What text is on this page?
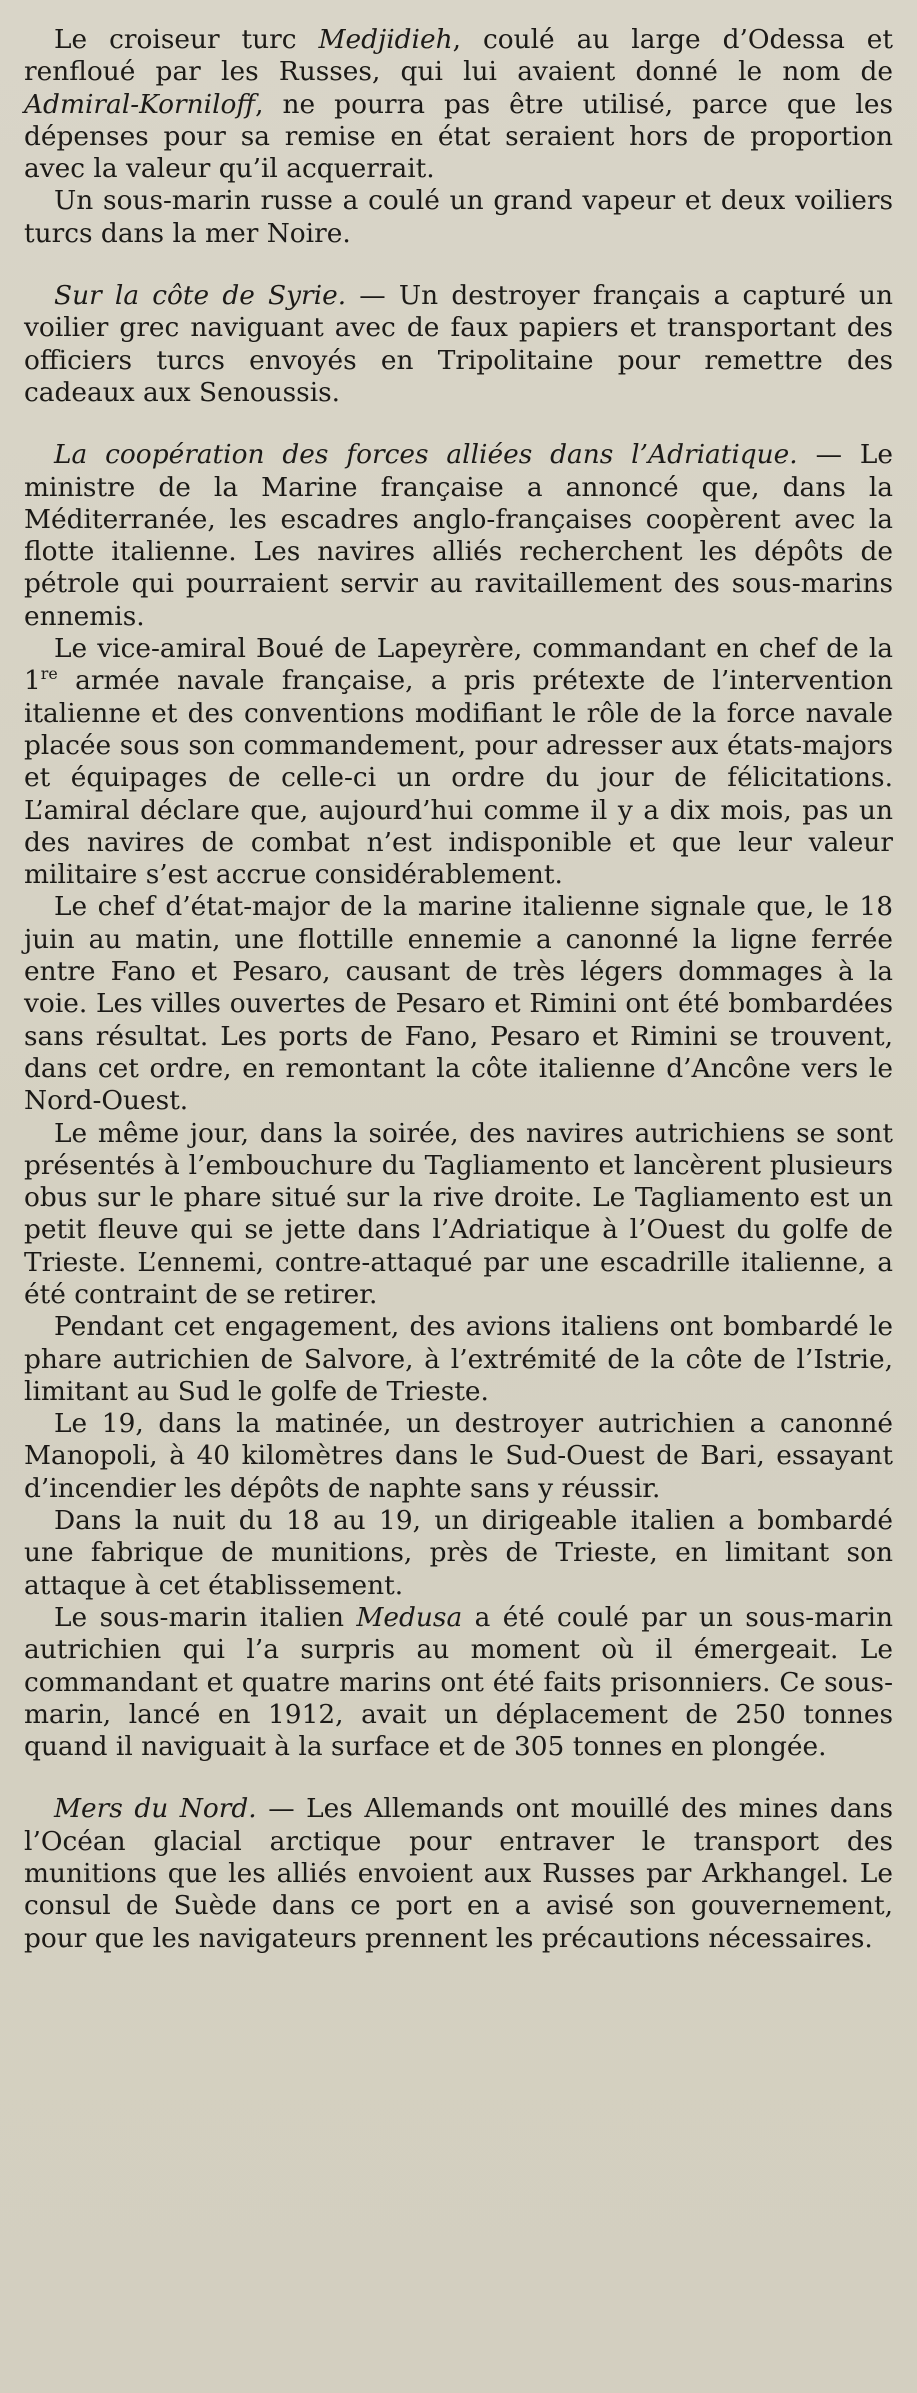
Le croiseur turc Medjidieh, coulé au large d’Odessa et renfloué par les Russes, qui lui avaient donné le nom de Admiral-Korniloff, ne pourra pas être utilisé, parce que les dépenses pour sa remise en état seraient hors de proportion avec la valeur qu’il acquerrait.

Un sous-marin russe a coulé un grand vapeur et deux voiliers turcs dans la mer Noire.

Sur la côte de Syrie. — Un destroyer français a capturé un voilier grec naviguant avec de faux papiers et transportant des officiers turcs envoyés en Tripolitaine pour remettre des cadeaux aux Senoussis.

La coopération des forces alliées dans l’Adriatique. — Le ministre de la Marine française a annoncé que, dans la Méditerranée, les escadres anglo-françaises coopèrent avec la flotte italienne. Les navires alliés recherchent les dépôts de pétrole qui pourraient servir au ravitaillement des sous-marins ennemis.

Le vice-amiral Boué de Lapeyrère, commandant en chef de la 1re armée navale française, a pris prétexte de l’intervention italienne et des conventions modifiant le rôle de la force navale placée sous son commandement, pour adresser aux états-majors et équipages de celle-ci un ordre du jour de félicitations. L’amiral déclare que, aujourd’hui comme il y a dix mois, pas un des navires de combat n’est indisponible et que leur valeur militaire s’est accrue considérablement.

Le chef d’état-major de la marine italienne signale que, le 18 juin au matin, une flottille ennemie a canonné la ligne ferrée entre Fano et Pesaro, causant de très légers dommages à la voie. Les villes ouvertes de Pesaro et Rimini ont été bombardées sans résultat. Les ports de Fano, Pesaro et Rimini se trouvent, dans cet ordre, en remontant la côte italienne d’Ancône vers le Nord-Ouest.

Le même jour, dans la soirée, des navires autrichiens se sont présentés à l’embouchure du Tagliamento et lancèrent plusieurs obus sur le phare situé sur la rive droite. Le Tagliamento est un petit fleuve qui se jette dans l’Adriatique à l’Ouest du golfe de Trieste. L’ennemi, contre-attaqué par une escadrille italienne, a été contraint de se retirer.

Pendant cet engagement, des avions italiens ont bombardé le phare autrichien de Salvore, à l’extrémité de la côte de l’Istrie, limitant au Sud le golfe de Trieste.

Le 19, dans la matinée, un destroyer autrichien a canonné Manopoli, à 40 kilomètres dans le Sud-Ouest de Bari, essayant d’incendier les dépôts de naphte sans y réussir.

Dans la nuit du 18 au 19, un dirigeable italien a bombardé une fabrique de munitions, près de Trieste, en limitant son attaque à cet établissement.

Le sous-marin italien Medusa a été coulé par un sous-marin autrichien qui l’a surpris au moment où il émergeait. Le commandant et quatre marins ont été faits prisonniers. Ce sous-marin, lancé en 1912, avait un déplacement de 250 tonnes quand il naviguait à la surface et de 305 tonnes en plongée.

Mers du Nord. — Les Allemands ont mouillé des mines dans l’Océan glacial arctique pour entraver le transport des munitions que les alliés envoient aux Russes par Arkhangel. Le consul de Suède dans ce port en a avisé son gouvernement, pour que les navigateurs prennent les précautions nécessaires.
